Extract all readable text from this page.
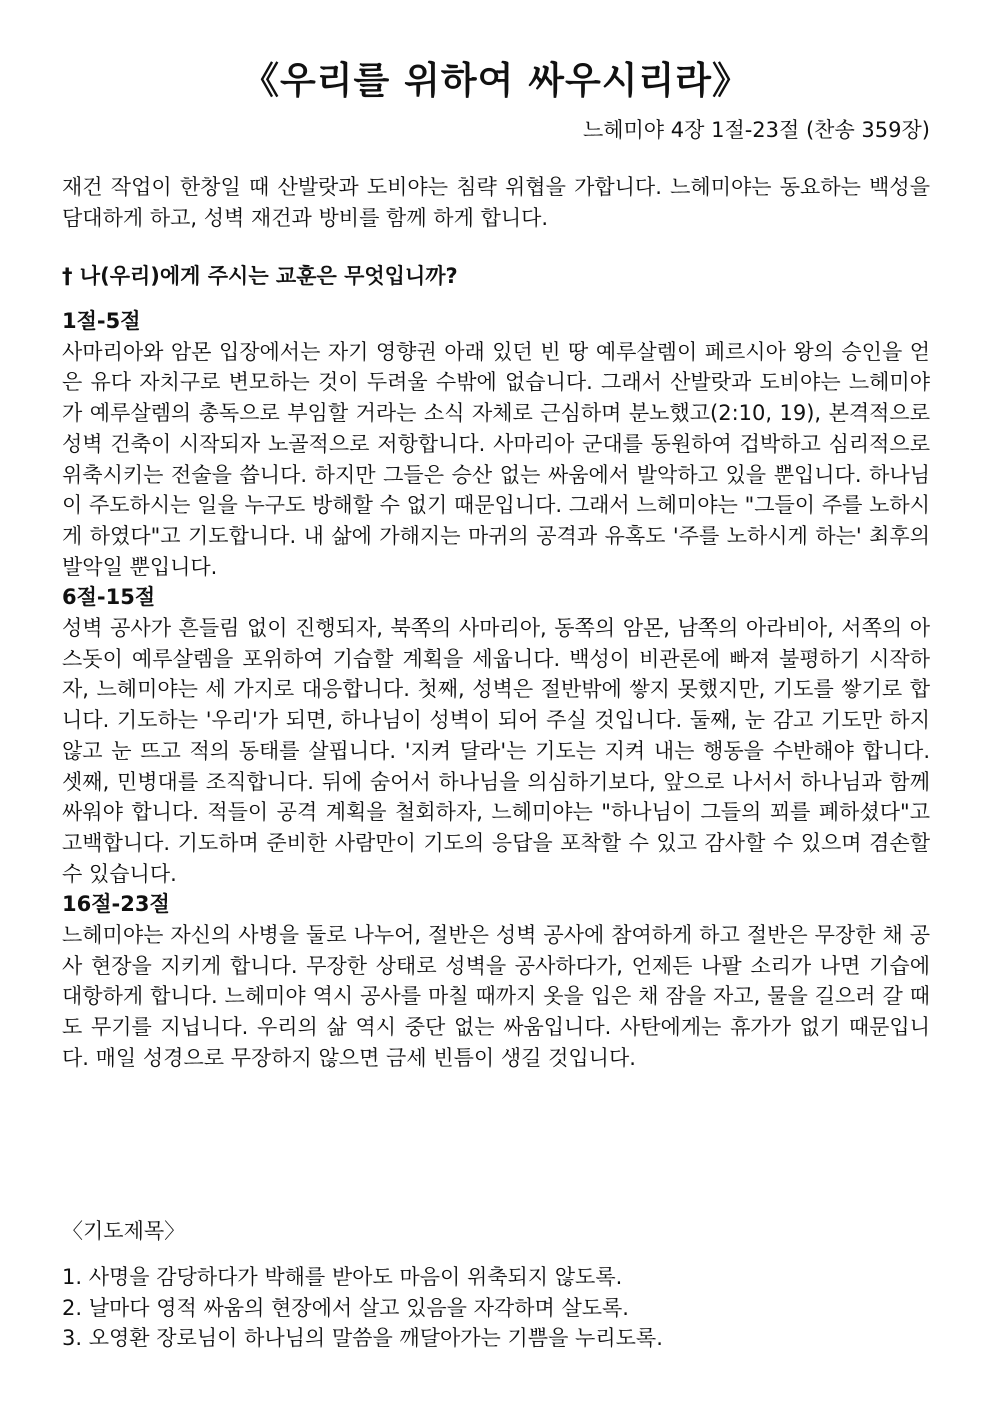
《우리를 위하여 싸우시리라》
느헤미야 4장 1절-23절 (찬송 359장)
재건 작업이 한창일 때 산발랏과 도비야는 침략 위협을 가합니다. 느헤미야는 동요하는 백성을 담대하게 하고, 성벽 재건과 방비를 함께 하게 합니다.
† 나(우리)에게 주시는 교훈은 무엇입니까?
1절-5절
사마리아와 암몬 입장에서는 자기 영향권 아래 있던 빈 땅 예루살렘이 페르시아 왕의 승인을 얻은 유다 자치구로 변모하는 것이 두려울 수밖에 없습니다. 그래서 산발랏과 도비야는 느헤미야가 예루살렘의 총독으로 부임할 거라는 소식 자체로 근심하며 분노했고(2:10, 19), 본격적으로 성벽 건축이 시작되자 노골적으로 저항합니다. 사마리아 군대를 동원하여 겁박하고 심리적으로 위축시키는 전술을 씁니다. 하지만 그들은 승산 없는 싸움에서 발악하고 있을 뿐입니다. 하나님이 주도하시는 일을 누구도 방해할 수 없기 때문입니다. 그래서 느헤미야는 "그들이 주를 노하시게 하였다"고 기도합니다. 내 삶에 가해지는 마귀의 공격과 유혹도 '주를 노하시게 하는' 최후의 발악일 뿐입니다.
6절-15절
성벽 공사가 흔들림 없이 진행되자, 북쪽의 사마리아, 동쪽의 암몬, 남쪽의 아라비아, 서쪽의 아스돗이 예루살렘을 포위하여 기습할 계획을 세웁니다. 백성이 비관론에 빠져 불평하기 시작하자, 느헤미야는 세 가지로 대응합니다. 첫째, 성벽은 절반밖에 쌓지 못했지만, 기도를 쌓기로 합니다. 기도하는 '우리'가 되면, 하나님이 성벽이 되어 주실 것입니다. 둘째, 눈 감고 기도만 하지 않고 눈 뜨고 적의 동태를 살핍니다. '지켜 달라'는 기도는 지켜 내는 행동을 수반해야 합니다. 셋째, 민병대를 조직합니다. 뒤에 숨어서 하나님을 의심하기보다, 앞으로 나서서 하나님과 함께 싸워야 합니다. 적들이 공격 계획을 철회하자, 느헤미야는 "하나님이 그들의 꾀를 폐하셨다"고 고백합니다. 기도하며 준비한 사람만이 기도의 응답을 포착할 수 있고 감사할 수 있으며 겸손할 수 있습니다.
16절-23절
느헤미야는 자신의 사병을 둘로 나누어, 절반은 성벽 공사에 참여하게 하고 절반은 무장한 채 공사 현장을 지키게 합니다. 무장한 상태로 성벽을 공사하다가, 언제든 나팔 소리가 나면 기습에 대항하게 합니다. 느헤미야 역시 공사를 마칠 때까지 옷을 입은 채 잠을 자고, 물을 길으러 갈 때도 무기를 지닙니다. 우리의 삶 역시 중단 없는 싸움입니다. 사탄에게는 휴가가 없기 때문입니다. 매일 성경으로 무장하지 않으면 금세 빈틈이 생길 것입니다.
〈기도제목〉
1. 사명을 감당하다가 박해를 받아도 마음이 위축되지 않도록.
2. 날마다 영적 싸움의 현장에서 살고 있음을 자각하며 살도록.
3. 오영환 장로님이 하나님의 말씀을 깨달아가는 기쁨을 누리도록.
